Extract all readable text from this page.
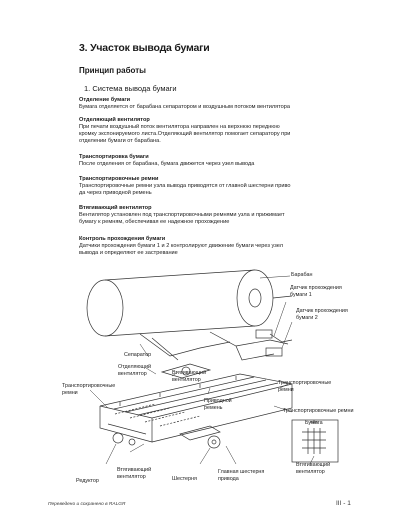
3. Участок вывода бумаги
Принцип работы
1. Система вывода бумаги
Отделение бумаги
Бумага отделяется от барабана сепаратором и воздушным потоком вентилятора
Отделяющий вентилятор
При печати воздушный поток вентилятора направлен на верхнюю переднюю
кромку экспонируемого листа.Отделяющий вентилятор помогает сепаратору при
отделении бумаги от барабана.
Транспортировка бумаги
После отделения от барабана, бумага движется через узел вывода
Транспортировочные ремни
Транспортировочные ремни узла вывода приводятся от главной шестерни приво
да через приводной ремень
Втягивающий вентилятор
Вентилятор установлен под транспортировочными ремнями узла и прижимает
бумагу к ремням, обеспечивая ее надежное прохождение
Контроль прохождения бумаги
Датчики прохождения бумаги 1 и 2 контролируют движение бумаги через узел
вывода и определяют ее застревание
Барабан
Датчик прохождения
бумаги 1
Датчик прохождения
бумаги 2
Сепаратор
Отделяющий
вентилятор	Втягивающий
вентилятор
Транспортировочные
ремни
Транспортировочные
ремни
Приводной
ремень
Транспортировочные ремни
Бумага
Втягивающий
вентилятор
Втягивающий
вентилятор
Редуктор	Шестерня
Главная шестерня
привода
Переведено и сохранено в RALGR	III - 1
